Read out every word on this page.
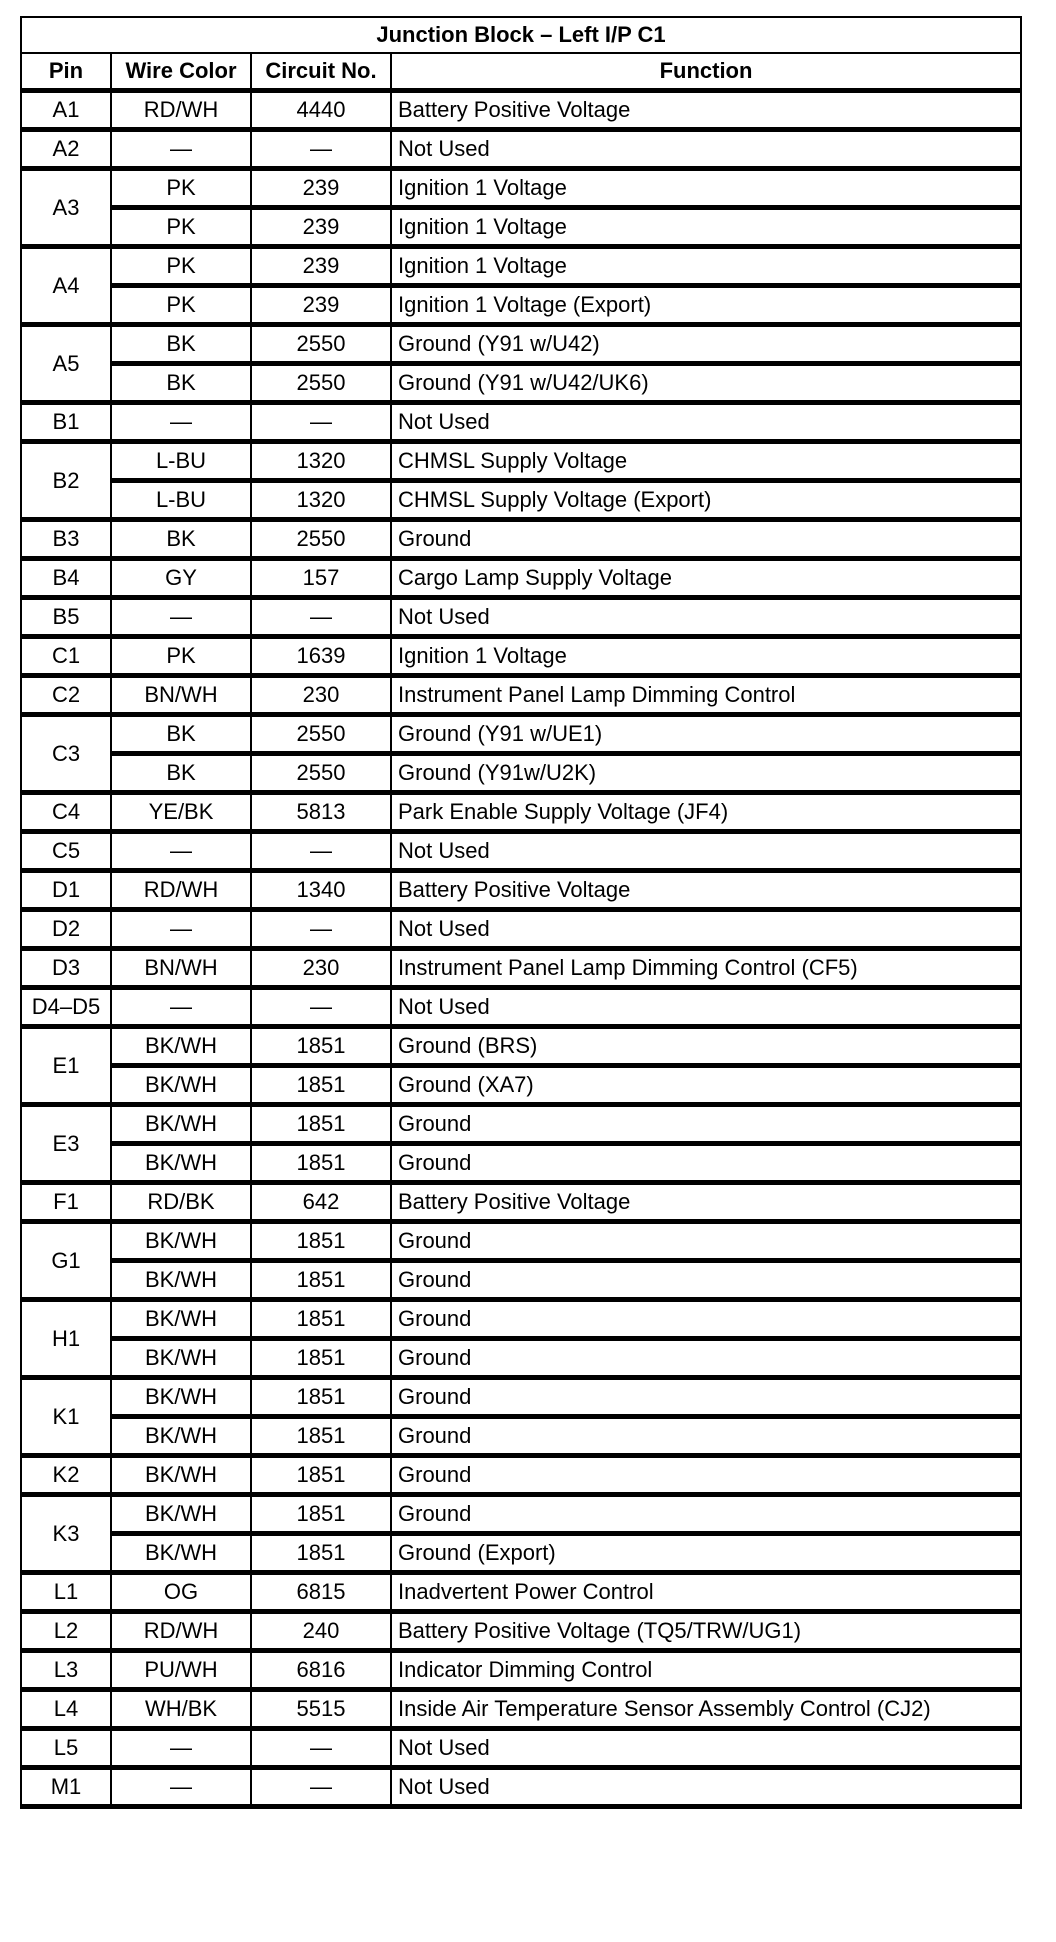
Junction Block – Left I/P C1			
Pin	Wire Color	Circuit No.	Function
A1	RD/WH	4440	Battery Positive Voltage
A2	—	—	Not Used
A3	PK	239	Ignition 1 Voltage
	PK	239	Ignition 1 Voltage
A4	PK	239	Ignition 1 Voltage
	PK	239	Ignition 1 Voltage (Export)
A5	BK	2550	Ground (Y91 w/U42)
	BK	2550	Ground (Y91 w/U42/UK6)
B1	—	—	Not Used
B2	L-BU	1320	CHMSL Supply Voltage
	L-BU	1320	CHMSL Supply Voltage (Export)
B3	BK	2550	Ground
B4	GY	157	Cargo Lamp Supply Voltage
B5	—	—	Not Used
C1	PK	1639	Ignition 1 Voltage
C2	BN/WH	230	Instrument Panel Lamp Dimming Control
C3	BK	2550	Ground (Y91 w/UE1)
	BK	2550	Ground (Y91w/U2K)
C4	YE/BK	5813	Park Enable Supply Voltage (JF4)
C5	—	—	Not Used
D1	RD/WH	1340	Battery Positive Voltage
D2	—	—	Not Used
D3	BN/WH	230	Instrument Panel Lamp Dimming Control (CF5)
D4–D5	—	—	Not Used
E1	BK/WH	1851	Ground (BRS)
	BK/WH	1851	Ground (XA7)
E3	BK/WH	1851	Ground
	BK/WH	1851	Ground
F1	RD/BK	642	Battery Positive Voltage
G1	BK/WH	1851	Ground
	BK/WH	1851	Ground
H1	BK/WH	1851	Ground
	BK/WH	1851	Ground
K1	BK/WH	1851	Ground
	BK/WH	1851	Ground
K2	BK/WH	1851	Ground
K3	BK/WH	1851	Ground
	BK/WH	1851	Ground (Export)
L1	OG	6815	Inadvertent Power Control
L2	RD/WH	240	Battery Positive Voltage (TQ5/TRW/UG1)
L3	PU/WH	6816	Indicator Dimming Control
L4	WH/BK	5515	Inside Air Temperature Sensor Assembly Control (CJ2)
L5	—	—	Not Used
M1	—	—	Not Used
